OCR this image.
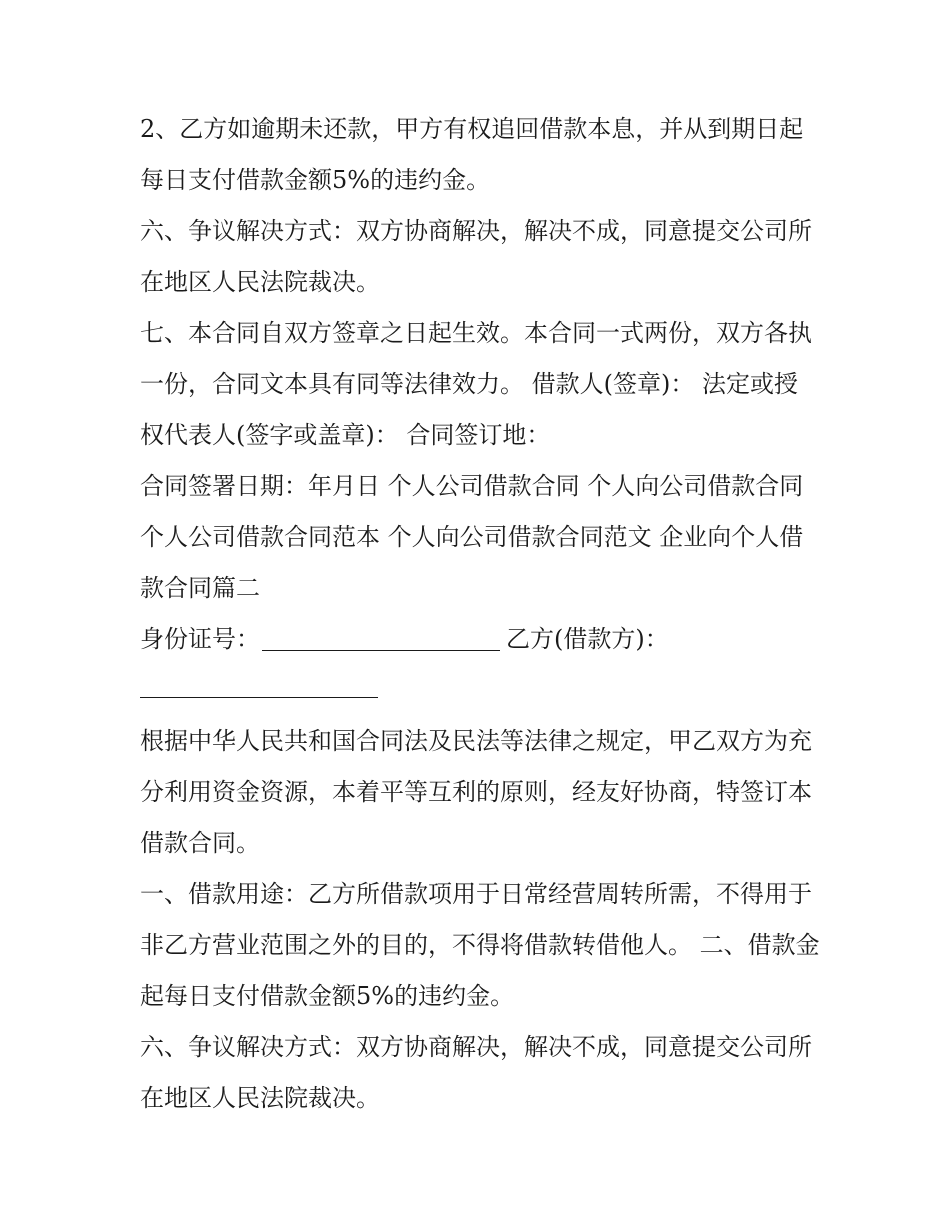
2、乙方如逾期未还款，甲方有权追回借款本息，并从到期日起每日支付借款金额5%的违约金。

六、争议解决方式：双方协商解决，解决不成，同意提交公司所在地区人民法院裁决。

七、本合同自双方签章之日起生效。本合同一式两份，双方各执一份，合同文本具有同等法律效力。 借款人(签章)： 法定或授权代表人(签字或盖章)： 合同签订地：

合同签署日期：年月日 个人公司借款合同 个人向公司借款合同 个人公司借款合同范本 个人向公司借款合同范文 企业向个人借款合同篇二

身份证号：	乙方(借款方)：

根据中华人民共和国合同法及民法等法律之规定，甲乙双方为充分利用资金资源，本着平等互利的原则，经友好协商，特签订本借款合同。

一、借款用途：乙方所借款项用于日常经营周转所需，不得用于非乙方营业范围之外的目的，不得将借款转借他人。 二、借款金起每日支付借款金额5%的违约金。

六、争议解决方式：双方协商解决，解决不成，同意提交公司所在地区人民法院裁决。
